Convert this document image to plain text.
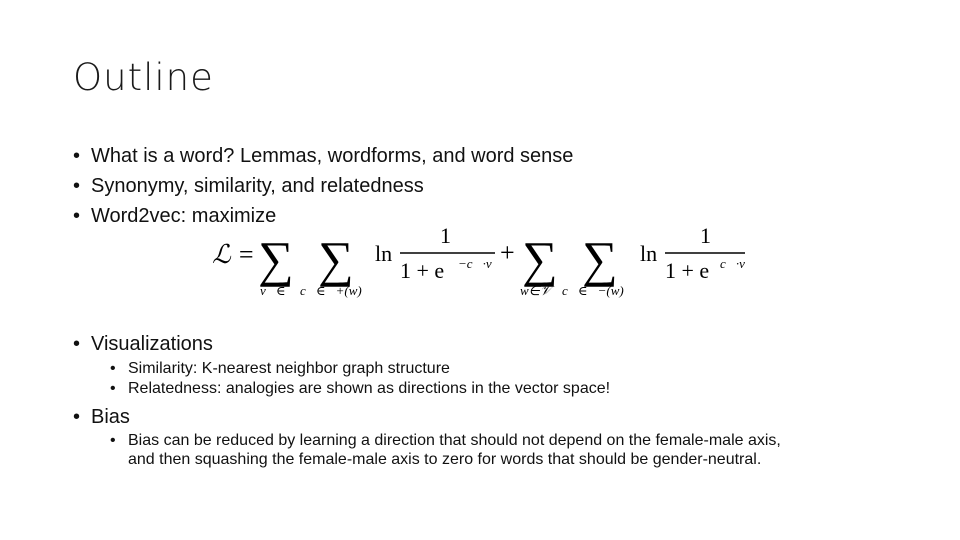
Outline
• What is a word? Lemmas, wordforms, and word sense
• Synonymy, similarity, and relatedness
• Word2vec: maximize
ℒ = ∑
v⃗∈𝒱
∑
c⃗∈𝒟+(w)
ln
1
1 + e −c⃗·v⃗
+ ∑
w∈𝒱
∑
c⃗∈𝒟−(w)
ln
1
1 + e c⃗·v⃗
• Visualizations
• Similarity: K-nearest neighbor graph structure
• Relatedness: analogies are shown as directions in the vector space!
• Bias
• Bias can be reduced by learning a direction that should not depend on the female-male axis,
and then squashing the female-male axis to zero for words that should be gender-neutral.
